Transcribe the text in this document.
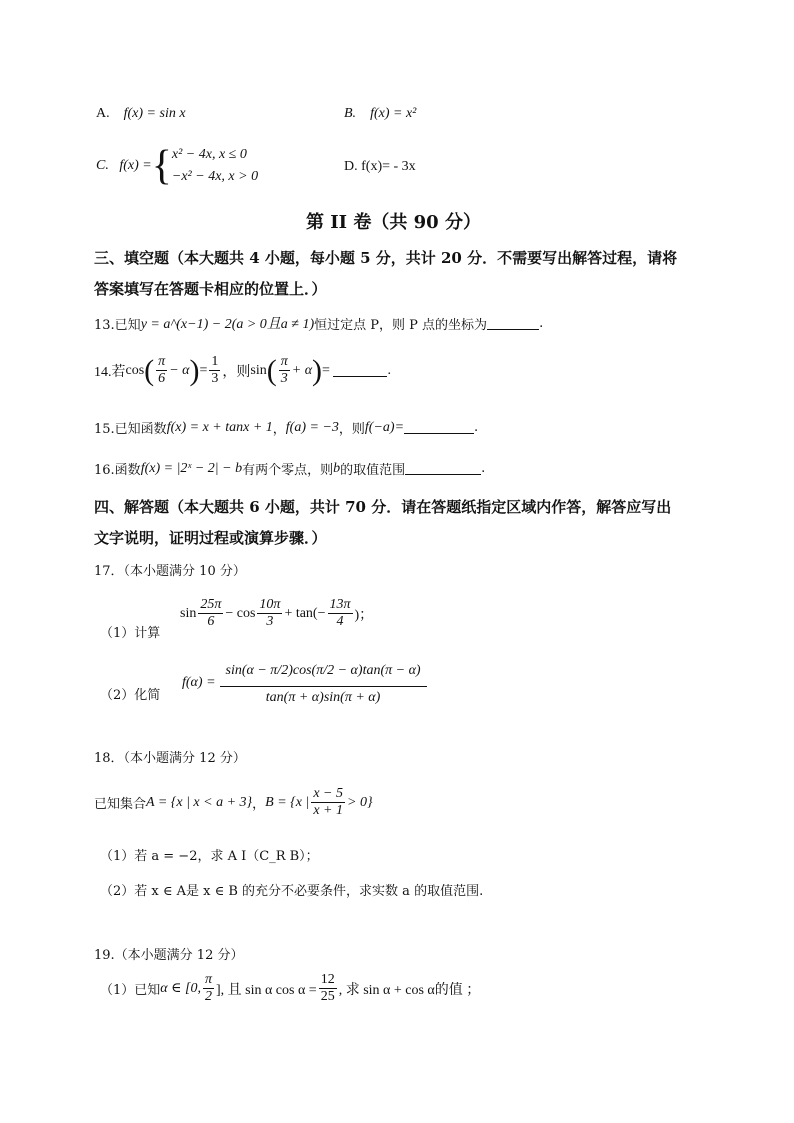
A. f(x) = sin x	B. f(x) = x²
C.
f(x) = { x² − 4x, x ≤ 0
−x² − 4x, x > 0
D. f(x)= - 3x
第 II 卷（共 90 分）
三、填空题（本大题共 4 小题，每小题 5 分，共计 20 分．不需要写出解答过程，请将
答案填写在答题卡相应的位置上．）
13.已知 y = a^(x−1) − 2(a > 0且a ≠ 1) 恒过定点 P，则 P 点的坐标为	.
14.若 cos ( $\frac{\pi}{6} - \alpha$ ) = $\frac{1}{3}$ ，则 sin ( $\frac{\pi}{3} + \alpha$ ) =
	.
15.已知函数 f(x) = x + tanx + 1 ， f(a) = −3 ，则 f(−a)=	.
16.函数 f(x) = |2ˣ − 2| − b 有两个零点，则 b 的取值范围	.
四、解答题（本大题共 6 小题，共计 70 分．请在答题纸指定区域内作答，解答应写出
文字说明，证明过程或演算步骤．）
17．（本小题满分 10 分）
（1）计算
$\sin \frac{25\pi}{6} - \cos \frac{10\pi}{3} + \tan(- \frac{13\pi}{4}$ )；
（2）化简
$f(\alpha) = \frac{\sin(\alpha - \pi/2)\cos(\pi/2 - \alpha)\tan(\pi - \alpha)}{\tan(\pi + \alpha)\sin(\pi + \alpha)}$
18．（本小题满分 12 分）
已知集合 A = {x | x < a + 3} ， B = {x | $\frac{x - 5}{x + 1} > 0$}
（1）若 a = −2，求 A I（C_R B）；
（2）若 x ∈ A是 x ∈ B 的充分不必要条件，求实数 a 的取值范围.
19.（本小题满分 12 分）
（1）已知 α ∈ [0, $\frac{\pi}{2}$ ], 且 sin α $\cos \alpha = \frac{12}{25}$ , 求 sin α + cos α的值 ；
